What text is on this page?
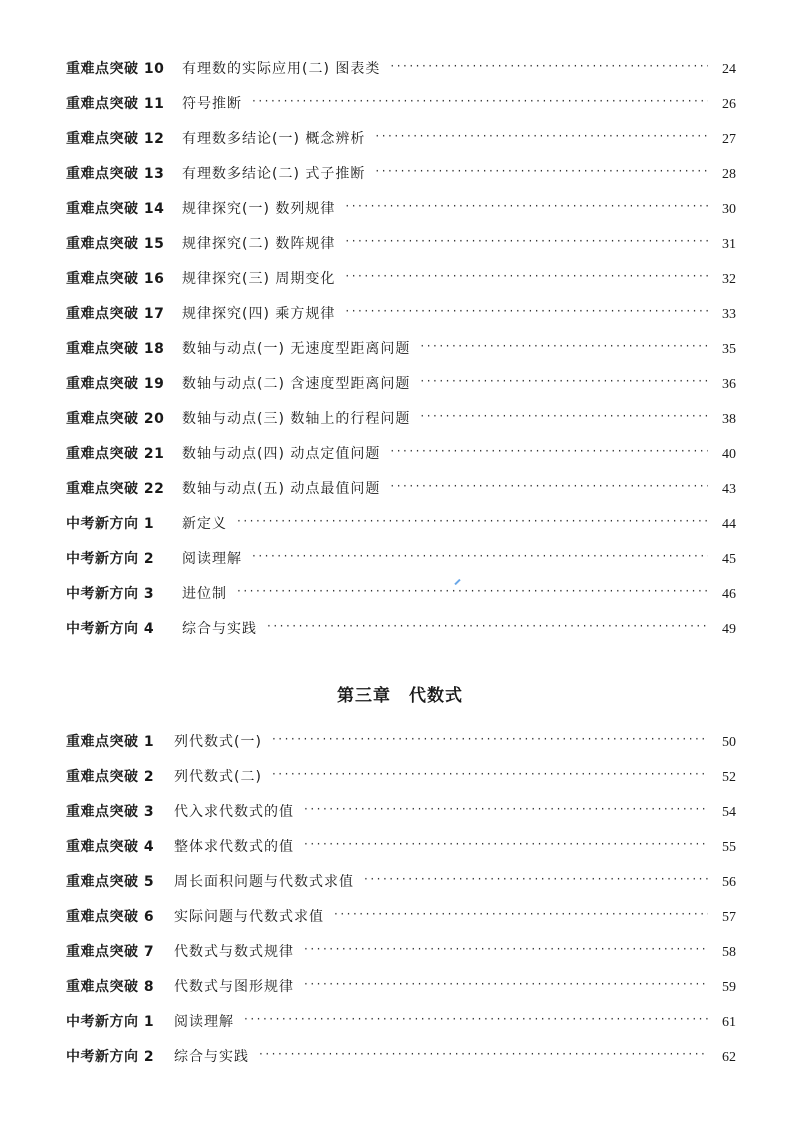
重难点突破 10	有理数的实际应用(二) 图表类 ·····	24
重难点突破 11	符号推断 ·····	26
重难点突破 12	有理数多结论(一) 概念辨析 ·····	27
重难点突破 13	有理数多结论(二) 式子推断 ·····	28
重难点突破 14	规律探究(一) 数列规律 ·····	30
重难点突破 15	规律探究(二) 数阵规律 ·····	31
重难点突破 16	规律探究(三) 周期变化 ·····	32
重难点突破 17	规律探究(四) 乘方规律 ·····	33
重难点突破 18	数轴与动点(一) 无速度型距离问题 ·····	35
重难点突破 19	数轴与动点(二) 含速度型距离问题 ·····	36
重难点突破 20	数轴与动点(三) 数轴上的行程问题 ·····	38
重难点突破 21	数轴与动点(四) 动点定值问题 ·····	40
重难点突破 22	数轴与动点(五) 动点最值问题 ·····	43
中考新方向 1	新定义 ·····	44
中考新方向 2	阅读理解 ·····	45
中考新方向 3	进位制 ·····	46
中考新方向 4	综合与实践 ·····	49
第三章　代数式
重难点突破 1	列代数式(一) ·····	50
重难点突破 2	列代数式(二) ·····	52
重难点突破 3	代入求代数式的值 ·····	54
重难点突破 4	整体求代数式的值 ·····	55
重难点突破 5	周长面积问题与代数式求值 ·····	56
重难点突破 6	实际问题与代数式求值 ·····	57
重难点突破 7	代数式与数式规律 ·····	58
重难点突破 8	代数式与图形规律 ·····	59
中考新方向 1	阅读理解 ·····	61
中考新方向 2	综合与实践 ·····	62
